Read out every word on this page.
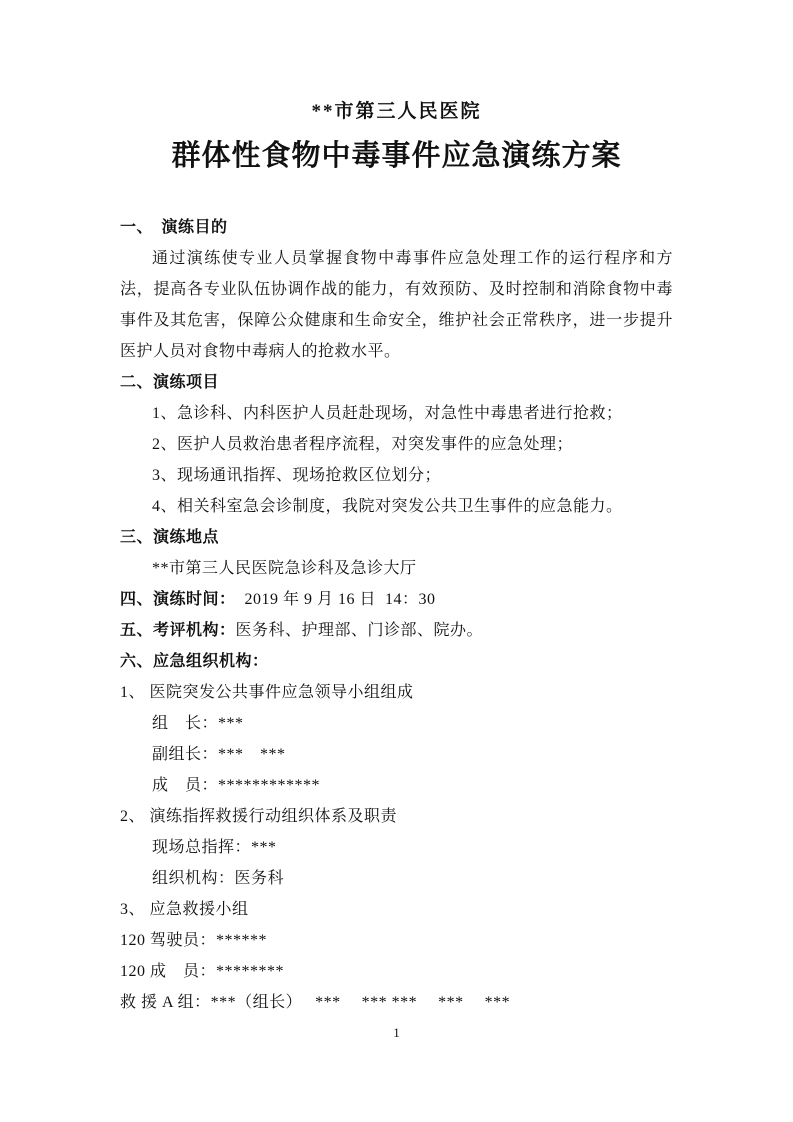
**市第三人民医院
群体性食物中毒事件应急演练方案
一、　演练目的
通过演练使专业人员掌握食物中毒事件应急处理工作的运行程序和方法，提高各专业队伍协调作战的能力，有效预防、及时控制和消除食物中毒事件及其危害，保障公众健康和生命安全，维护社会正常秩序，进一步提升医护人员对食物中毒病人的抢救水平。
二、演练项目
1、急诊科、内科医护人员赶赴现场，对急性中毒患者进行抢救；
2、医护人员救治患者程序流程，对突发事件的应急处理；
3、现场通讯指挥、现场抢救区位划分；
4、相关科室急会诊制度，我院对突发公共卫生事件的应急能力。
三、演练地点
**市第三人民医院急诊科及急诊大厅
四、演练时间：  2019 年 9 月 16 日  14：30
五、考评机构：医务科、护理部、门诊部、院办。
六、应急组织机构：
1、 医院突发公共事件应急领导小组组成
组　长：***
副组长：***　***
成　员：************
2、 演练指挥救援行动组织体系及职责
现场总指挥：***
组织机构：医务科
3、 应急救援小组
120 驾驶员：******
120 成　员：********
救 援 A 组：***（组长）　 ***　 *** ***　 ***　 ***
1
